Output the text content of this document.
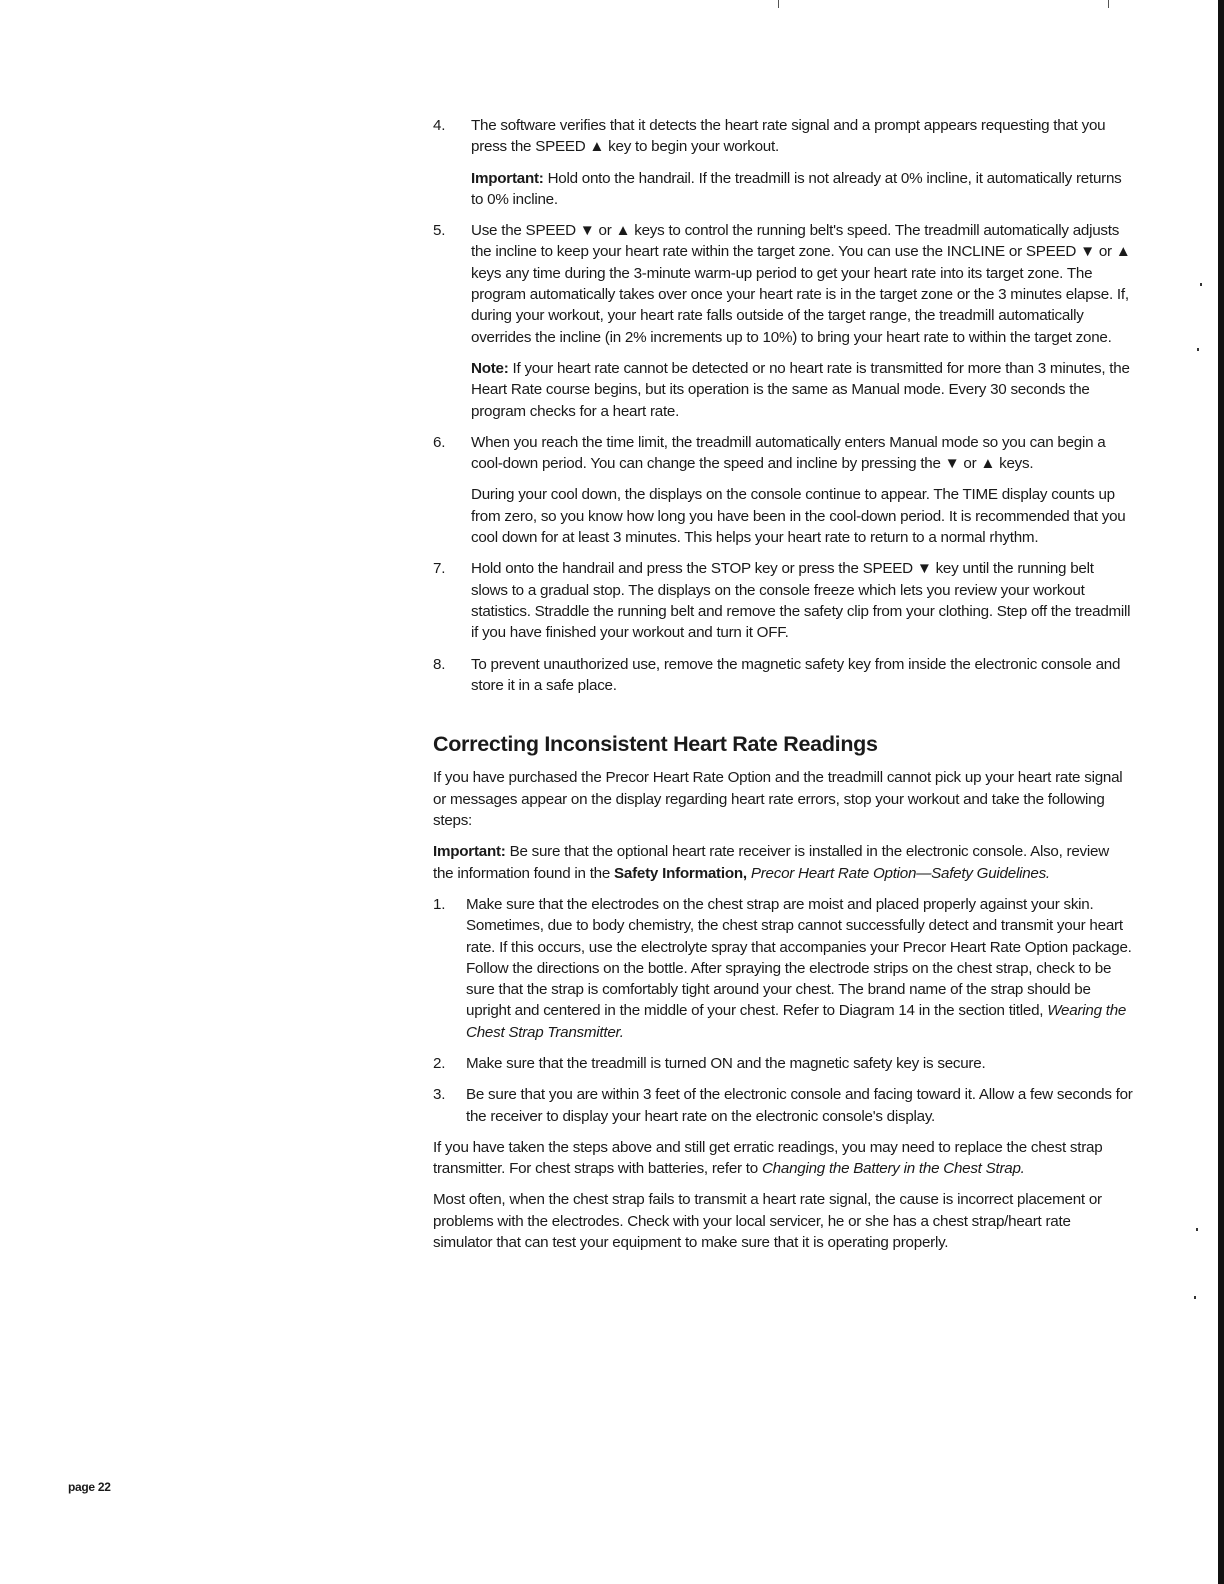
4. The software verifies that it detects the heart rate signal and a prompt appears requesting that you press the SPEED ▲ key to begin your workout.

Important: Hold onto the handrail. If the treadmill is not already at 0% incline, it automatically returns to 0% incline.

5. Use the SPEED ▼ or ▲ keys to control the running belt's speed. The treadmill automatically adjusts the incline to keep your heart rate within the target zone. You can use the INCLINE or SPEED ▼ or ▲ keys any time during the 3-minute warm-up period to get your heart rate into its target zone. The program automatically takes over once your heart rate is in the target zone or the 3 minutes elapse. If, during your workout, your heart rate falls outside of the target range, the treadmill automatically overrides the incline (in 2% increments up to 10%) to bring your heart rate to within the target zone.

Note: If your heart rate cannot be detected or no heart rate is transmitted for more than 3 minutes, the Heart Rate course begins, but its operation is the same as Manual mode. Every 30 seconds the program checks for a heart rate.

6. When you reach the time limit, the treadmill automatically enters Manual mode so you can begin a cool-down period. You can change the speed and incline by pressing the ▼ or ▲ keys.

During your cool down, the displays on the console continue to appear. The TIME display counts up from zero, so you know how long you have been in the cool-down period. It is recommended that you cool down for at least 3 minutes. This helps your heart rate to return to a normal rhythm.

7. Hold onto the handrail and press the STOP key or press the SPEED ▼ key until the running belt slows to a gradual stop. The displays on the console freeze which lets you review your workout statistics. Straddle the running belt and remove the safety clip from your clothing. Step off the treadmill if you have finished your workout and turn it OFF.

8. To prevent unauthorized use, remove the magnetic safety key from inside the electronic console and store it in a safe place.

Correcting Inconsistent Heart Rate Readings

If you have purchased the Precor Heart Rate Option and the treadmill cannot pick up your heart rate signal or messages appear on the display regarding heart rate errors, stop your workout and take the following steps:

Important: Be sure that the optional heart rate receiver is installed in the electronic console. Also, review the information found in the Safety Information, Precor Heart Rate Option—Safety Guidelines.

1. Make sure that the electrodes on the chest strap are moist and placed properly against your skin. Sometimes, due to body chemistry, the chest strap cannot successfully detect and transmit your heart rate. If this occurs, use the electrolyte spray that accompanies your Precor Heart Rate Option package. Follow the directions on the bottle. After spraying the electrode strips on the chest strap, check to be sure that the strap is comfortably tight around your chest. The brand name of the strap should be upright and centered in the middle of your chest. Refer to Diagram 14 in the section titled, Wearing the Chest Strap Transmitter.

2. Make sure that the treadmill is turned ON and the magnetic safety key is secure.

3. Be sure that you are within 3 feet of the electronic console and facing toward it. Allow a few seconds for the receiver to display your heart rate on the electronic console's display.

If you have taken the steps above and still get erratic readings, you may need to replace the chest strap transmitter. For chest straps with batteries, refer to Changing the Battery in the Chest Strap.

Most often, when the chest strap fails to transmit a heart rate signal, the cause is incorrect placement or problems with the electrodes. Check with your local servicer, he or she has a chest strap/heart rate simulator that can test your equipment to make sure that it is operating properly.

page 22
